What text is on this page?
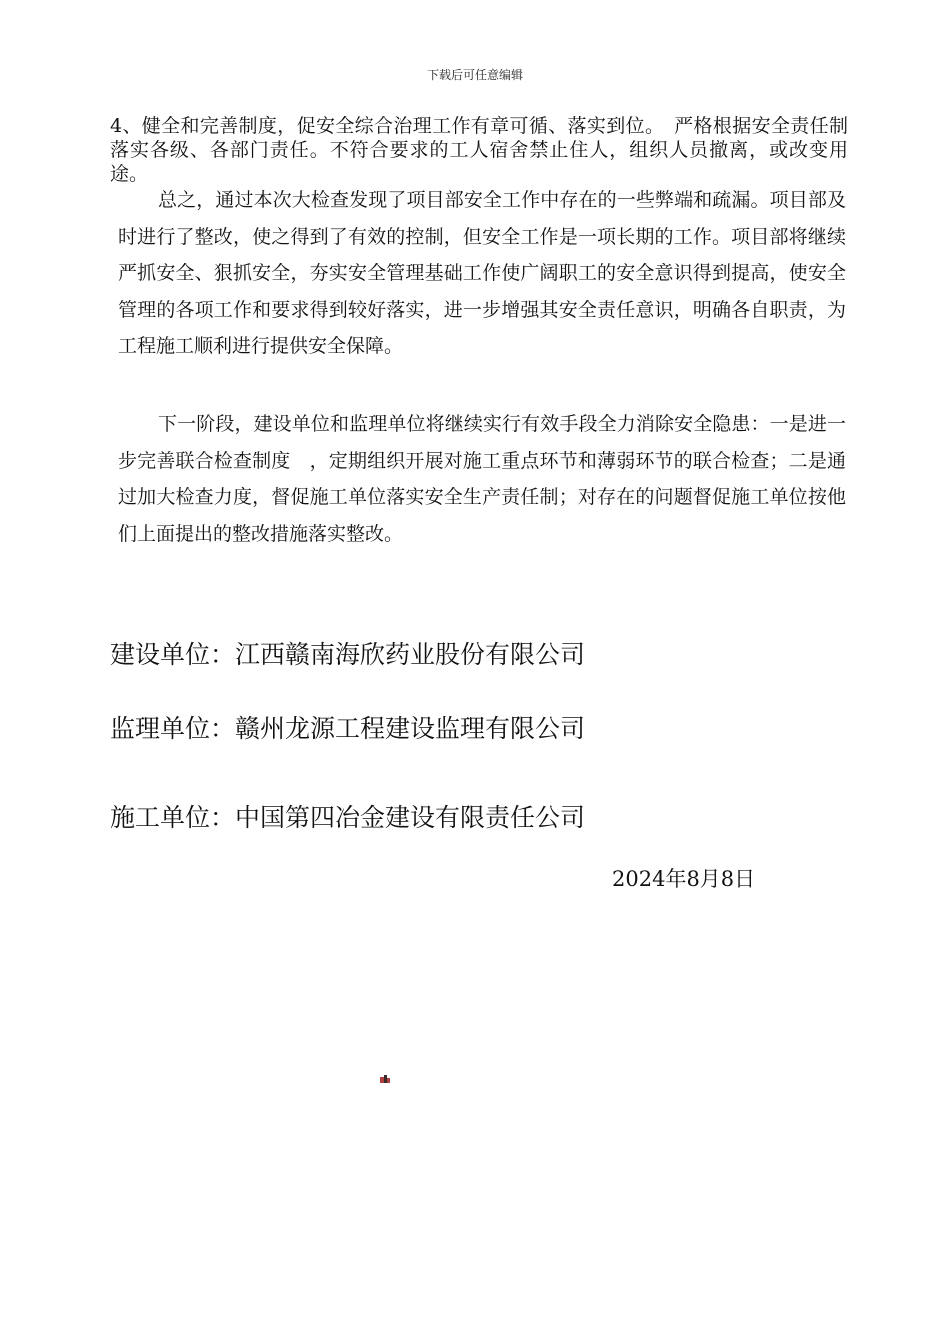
下载后可任意编辑
4、健全和完善制度，促安全综合治理工作有章可循、落实到位。　严格根据安全责任制落实各级、各部门责任。不符合要求的工人宿舍禁止住人，组织人员撤离，或改变用途。
总之，通过本次大检查发现了项目部安全工作中存在的一些弊端和疏漏。项目部及时进行了整改，使之得到了有效的控制，但安全工作是一项长期的工作。项目部将继续严抓安全、狠抓安全，夯实安全管理基础工作使广阔职工的安全意识得到提高，使安全管理的各项工作和要求得到较好落实，进一步增强其安全责任意识，明确各自职责，为工程施工顺利进行提供安全保障。
下一阶段，建设单位和监理单位将继续实行有效手段全力消除安全隐患：一是进一步完善联合检查制度　，定期组织开展对施工重点环节和薄弱环节的联合检查；二是通过加大检查力度，督促施工单位落实安全生产责任制；对存在的问题督促施工单位按他们上面提出的整改措施落实整改。
建设单位：江西赣南海欣药业股份有限公司
监理单位：赣州龙源工程建设监理有限公司
施工单位：中国第四冶金建设有限责任公司
2024年8月8日
